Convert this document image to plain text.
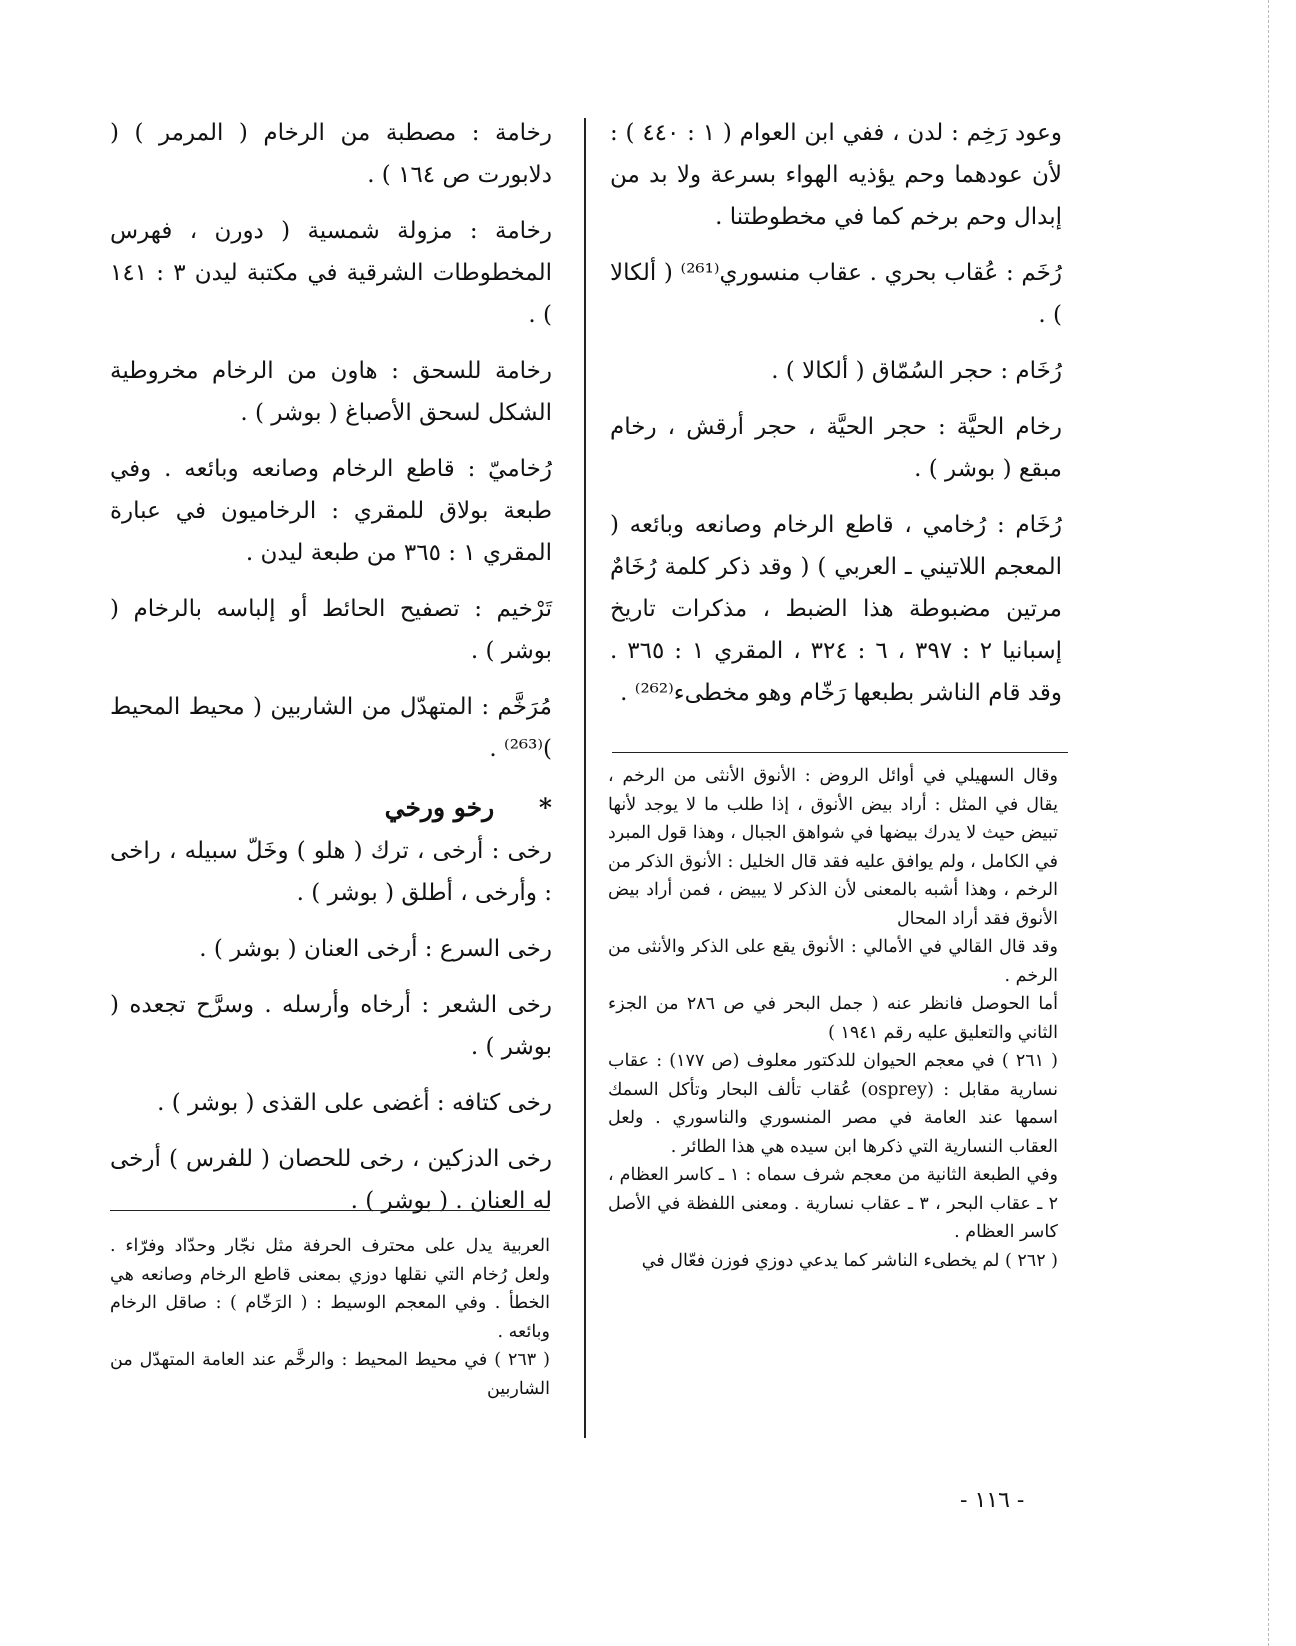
وعود رَخِم : لدن ، ففي ابن العوام ( ١ : ٤٤٠ ) : لأن عودهما وحم يؤذيه الهواء بسرعة ولا بد من إبدال وحم برخم كما في مخطوطتنا .

رُخَم : عُقاب بحري . عقاب منسوري⁽²⁶¹⁾ ( ألكالا ) .

رُخَام : حجر السُمّاق ( ألكالا ) .

رخام الحيَّة : حجر الحيَّة ، حجر أرقش ، رخام مبقع ( بوشر ) .

رُخَام : رُخامي ، قاطع الرخام وصانعه وبائعه ( المعجم اللاتيني ـ العربي ) ( وقد ذكر كلمة رُخَامٌ مرتين مضبوطة هذا الضبط ، مذكرات تاريخ إسبانيا ٢ : ٣٩٧ ، ٦ : ٣٢٤ ، المقري ١ : ٣٦٥ . وقد قام الناشر بطبعها رَخّام وهو مخطىء⁽²⁶²⁾ .

وقال السهيلي في أوائل الروض : الأنوق الأنثى من الرخم ، يقال في المثل : أراد بيض الأنوق ، إذا طلب ما لا يوجد لأنها تبيض حيث لا يدرك بيضها في شواهق الجبال ، وهذا قول المبرد في الكامل ، ولم يوافق عليه فقد قال الخليل : الأنوق الذكر من الرخم ، وهذا أشبه بالمعنى لأن الذكر لا يبيض ، فمن أراد بيض الأنوق فقد أراد المحال

وقد قال القالي في الأمالي : الأنوق يقع على الذكر والأنثى من الرخم .

أما الحوصل فانظر عنه ( جمل البحر في ص ٢٨٦ من الجزء الثاني والتعليق عليه رقم ١٩٤١ )

( ٢٦١ ) في معجم الحيوان للدكتور معلوف (ص ١٧٧) : عقاب نسارية مقابل : (osprey) عُقاب تألف البحار وتأكل السمك اسمها عند العامة في مصر المنسوري والناسوري . ولعل العقاب النسارية التي ذكرها ابن سيده هي هذا الطائر .

وفي الطبعة الثانية من معجم شرف سماه : ١ ـ كاسر العظام ، ٢ ـ عقاب البحر ، ٣ ـ عقاب نسارية . ومعنى اللفظة في الأصل كاسر العظام .

( ٢٦٢ ) لم يخطىء الناشر كما يدعي دوزي فوزن فعّال في

رخامة : مصطبة من الرخام ( المرمر ) ( دلابورت ص ١٦٤ ) .

رخامة : مزولة شمسية ( دورن ، فهرس المخطوطات الشرقية في مكتبة ليدن ٣ : ١٤١ ) .

رخامة للسحق : هاون من الرخام مخروطية الشكل لسحق الأصباغ ( بوشر ) .

رُخاميّ : قاطع الرخام وصانعه وبائعه . وفي طبعة بولاق للمقري : الرخاميون في عبارة المقري ١ : ٣٦٥ من طبعة ليدن .

تَرْخيم : تصفيح الحائط أو إلباسه بالرخام ( بوشر ) .

مُرَخَّم : المتهدّل من الشاربين ( محيط المحيط )⁽²⁶³⁾ .

* رخو ورخي

رخى : أرخى ، ترك ( هلو ) وخَلّ سبيله ، راخى : وأرخى ، أطلق ( بوشر ) .

رخى السرع : أرخى العنان ( بوشر ) .

رخى الشعر : أرخاه وأرسله . وسرَّح تجعده ( بوشر ) .

رخى كتافه : أغضى على القذى ( بوشر ) .

رخى الدزكين ، رخى للحصان ( للفرس ) أرخى له العنان . ( بوشر ) .

العربية يدل على محترف الحرفة مثل نجّار وحدّاد وفرّاء . ولعل رُخام التي نقلها دوزي بمعنى قاطع الرخام وصانعه هي الخطأ . وفي المعجم الوسيط : ( الرَخّام ) : صاقل الرخام وبائعه .

( ٢٦٣ ) في محيط المحيط : والرخَّم عند العامة المتهدّل من الشاربين

- ١١٦ -
